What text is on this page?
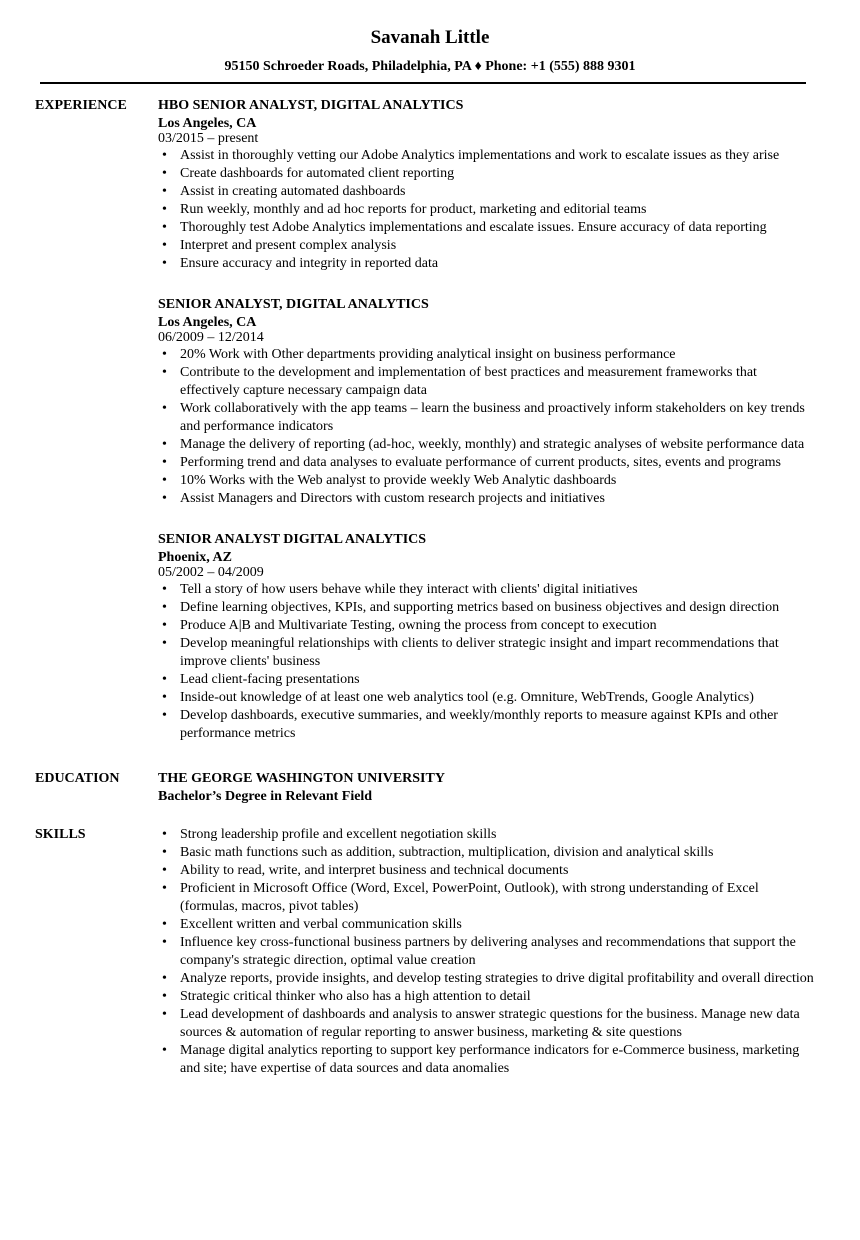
Savanah Little
95150 Schroeder Roads, Philadelphia, PA ♦ Phone: +1 (555) 888 9301
EXPERIENCE	HBO SENIOR ANALYST, DIGITAL ANALYTICS
Los Angeles, CA
03/2015 – present
• Assist in thoroughly vetting our Adobe Analytics implementations and work to escalate issues as they arise
• Create dashboards for automated client reporting
• Assist in creating automated dashboards
• Run weekly, monthly and ad hoc reports for product, marketing and editorial teams
• Thoroughly test Adobe Analytics implementations and escalate issues. Ensure accuracy of data reporting
• Interpret and present complex analysis
• Ensure accuracy and integrity in reported data
SENIOR ANALYST, DIGITAL ANALYTICS
Los Angeles, CA
06/2009 – 12/2014
• 20% Work with Other departments providing analytical insight on business performance
• Contribute to the development and implementation of best practices and measurement frameworks that effectively capture necessary campaign data
• Work collaboratively with the app teams – learn the business and proactively inform stakeholders on key trends and performance indicators
• Manage the delivery of reporting (ad-hoc, weekly, monthly) and strategic analyses of website performance data
• Performing trend and data analyses to evaluate performance of current products, sites, events and programs
• 10% Works with the Web analyst to provide weekly Web Analytic dashboards
• Assist Managers and Directors with custom research projects and initiatives
SENIOR ANALYST DIGITAL ANALYTICS
Phoenix, AZ
05/2002 – 04/2009
• Tell a story of how users behave while they interact with clients' digital initiatives
• Define learning objectives, KPIs, and supporting metrics based on business objectives and design direction
• Produce A|B and Multivariate Testing, owning the process from concept to execution
• Develop meaningful relationships with clients to deliver strategic insight and impart recommendations that improve clients' business
• Lead client-facing presentations
• Inside-out knowledge of at least one web analytics tool (e.g. Omniture, WebTrends, Google Analytics)
• Develop dashboards, executive summaries, and weekly/monthly reports to measure against KPIs and other performance metrics
EDUCATION	THE GEORGE WASHINGTON UNIVERSITY
Bachelor’s Degree in Relevant Field
SKILLS
•	Strong leadership profile and excellent negotiation skills
• Basic math functions such as addition, subtraction, multiplication, division and analytical skills
• Ability to read, write, and interpret business and technical documents
• Proficient in Microsoft Office (Word, Excel, PowerPoint, Outlook), with strong understanding of Excel (formulas, macros, pivot tables)
• Excellent written and verbal communication skills
• Influence key cross-functional business partners by delivering analyses and recommendations that support the company's strategic direction, optimal value creation
• Analyze reports, provide insights, and develop testing strategies to drive digital profitability and overall direction
• Strategic critical thinker who also has a high attention to detail
• Lead development of dashboards and analysis to answer strategic questions for the business. Manage new data sources & automation of regular reporting to answer business, marketing & site questions
• Manage digital analytics reporting to support key performance indicators for e-Commerce business, marketing and site; have expertise of data sources and data anomalies
